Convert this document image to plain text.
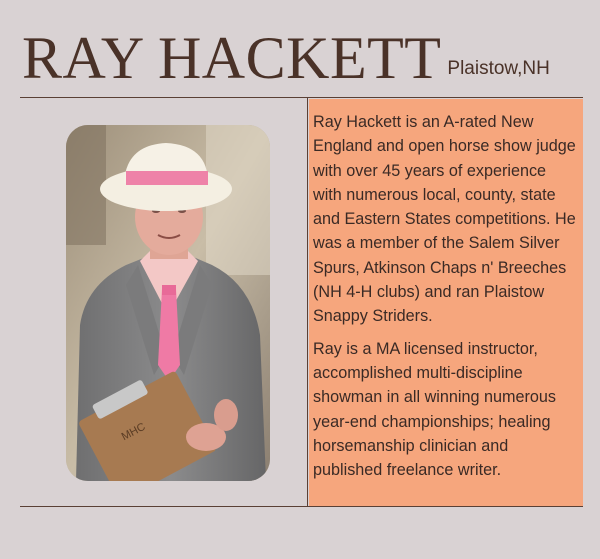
RAY HACKETT Plaistow,NH
MHC

Ray Hackett is an A-rated New England and open horse show judge with over 45 years of experience with numerous local, county, state and Eastern States competitions. He was a member of the Salem Silver Spurs, Atkinson Chaps n' Breeches (NH 4-H clubs) and ran Plaistow Snappy Striders.

Ray is a MA licensed instructor, accomplished multi-discipline showman in all winning numerous year-end championships; healing horsemanship clinician and published freelance writer.
